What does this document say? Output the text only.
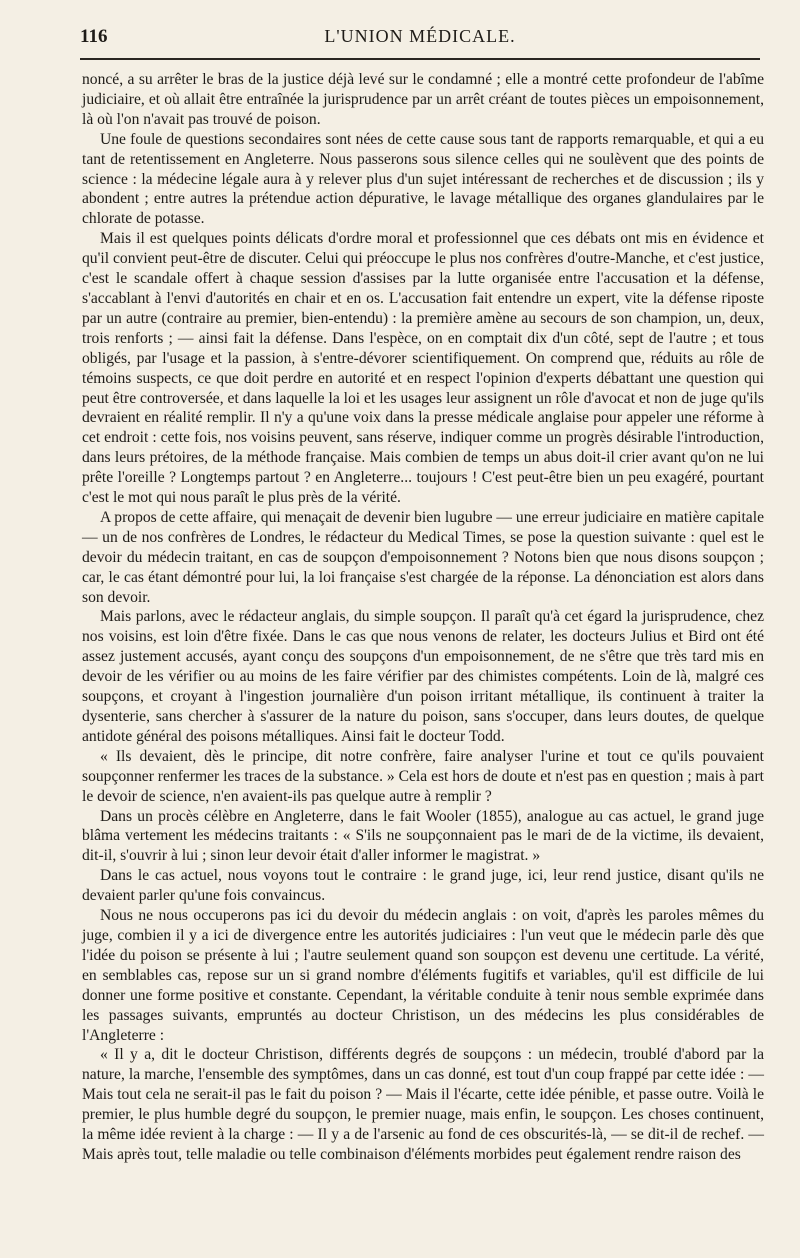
116	L'UNION MÉDICALE.

noncé, a su arrêter le bras de la justice déjà levé sur le condamné ; elle a montré cette profondeur de l'abîme judiciaire, et où allait être entraînée la jurisprudence par un arrêt créant de toutes pièces un empoisonnement, là où l'on n'avait pas trouvé de poison.

Une foule de questions secondaires sont nées de cette cause sous tant de rapports remarquable, et qui a eu tant de retentissement en Angleterre. Nous passerons sous silence celles qui ne soulèvent que des points de science : la médecine légale aura à y relever plus d'un sujet intéressant de recherches et de discussion ; ils y abondent ; entre autres la prétendue action dépurative, le lavage métallique des organes glandulaires par le chlorate de potasse.

Mais il est quelques points délicats d'ordre moral et professionnel que ces débats ont mis en évidence et qu'il convient peut-être de discuter. Celui qui préoccupe le plus nos confrères d'outre-Manche, et c'est justice, c'est le scandale offert à chaque session d'assises par la lutte organisée entre l'accusation et la défense, s'accablant à l'envi d'autorités en chair et en os. L'accusation fait entendre un expert, vite la défense riposte par un autre (contraire au premier, bien-entendu) : la première amène au secours de son champion, un, deux, trois renforts ; — ainsi fait la défense. Dans l'espèce, on en comptait dix d'un côté, sept de l'autre ; et tous obligés, par l'usage et la passion, à s'entre-dévorer scientifiquement. On comprend que, réduits au rôle de témoins suspects, ce que doit perdre en autorité et en respect l'opinion d'experts débattant une question qui peut être controversée, et dans laquelle la loi et les usages leur assignent un rôle d'avocat et non de juge qu'ils devraient en réalité remplir. Il n'y a qu'une voix dans la presse médicale anglaise pour appeler une réforme à cet endroit : cette fois, nos voisins peuvent, sans réserve, indiquer comme un progrès désirable l'introduction, dans leurs prétoires, de la méthode française. Mais combien de temps un abus doit-il crier avant qu'on ne lui prête l'oreille ? Longtemps partout ? en Angleterre... toujours ! C'est peut-être bien un peu exagéré, pourtant c'est le mot qui nous paraît le plus près de la vérité.

A propos de cette affaire, qui menaçait de devenir bien lugubre — une erreur judiciaire en matière capitale — un de nos confrères de Londres, le rédacteur du Medical Times, se pose la question suivante : quel est le devoir du médecin traitant, en cas de soupçon d'empoisonnement ? Notons bien que nous disons soupçon ; car, le cas étant démontré pour lui, la loi française s'est chargée de la réponse. La dénonciation est alors dans son devoir.

Mais parlons, avec le rédacteur anglais, du simple soupçon. Il paraît qu'à cet égard la jurisprudence, chez nos voisins, est loin d'être fixée. Dans le cas que nous venons de relater, les docteurs Julius et Bird ont été assez justement accusés, ayant conçu des soupçons d'un empoisonnement, de ne s'être que très tard mis en devoir de les vérifier ou au moins de les faire vérifier par des chimistes compétents. Loin de là, malgré ces soupçons, et croyant à l'ingestion journalière d'un poison irritant métallique, ils continuent à traiter la dysenterie, sans chercher à s'assurer de la nature du poison, sans s'occuper, dans leurs doutes, de quelque antidote général des poisons métalliques. Ainsi fait le docteur Todd.

« Ils devaient, dès le principe, dit notre confrère, faire analyser l'urine et tout ce qu'ils pouvaient soupçonner renfermer les traces de la substance. » Cela est hors de doute et n'est pas en question ; mais à part le devoir de science, n'en avaient-ils pas quelque autre à remplir ?

Dans un procès célèbre en Angleterre, dans le fait Wooler (1855), analogue au cas actuel, le grand juge blâma vertement les médecins traitants : « S'ils ne soupçonnaient pas le mari de de la victime, ils devaient, dit-il, s'ouvrir à lui ; sinon leur devoir était d'aller informer le magistrat. »

Dans le cas actuel, nous voyons tout le contraire : le grand juge, ici, leur rend justice, disant qu'ils ne devaient parler qu'une fois convaincus.

Nous ne nous occuperons pas ici du devoir du médecin anglais : on voit, d'après les paroles mêmes du juge, combien il y a ici de divergence entre les autorités judiciaires : l'un veut que le médecin parle dès que l'idée du poison se présente à lui ; l'autre seulement quand son soupçon est devenu une certitude. La vérité, en semblables cas, repose sur un si grand nombre d'éléments fugitifs et variables, qu'il est difficile de lui donner une forme positive et constante. Cependant, la véritable conduite à tenir nous semble exprimée dans les passages suivants, empruntés au docteur Christison, un des médecins les plus considérables de l'Angleterre :

« Il y a, dit le docteur Christison, différents degrés de soupçons : un médecin, troublé d'abord par la nature, la marche, l'ensemble des symptômes, dans un cas donné, est tout d'un coup frappé par cette idée : — Mais tout cela ne serait-il pas le fait du poison ? — Mais il l'écarte, cette idée pénible, et passe outre. Voilà le premier, le plus humble degré du soupçon, le premier nuage, mais enfin, le soupçon. Les choses continuent, la même idée revient à la charge : — Il y a de l'arsenic au fond de ces obscurités-là, — se dit-il de rechef. — Mais après tout, telle maladie ou telle combinaison d'éléments morbides peut également rendre raison des
